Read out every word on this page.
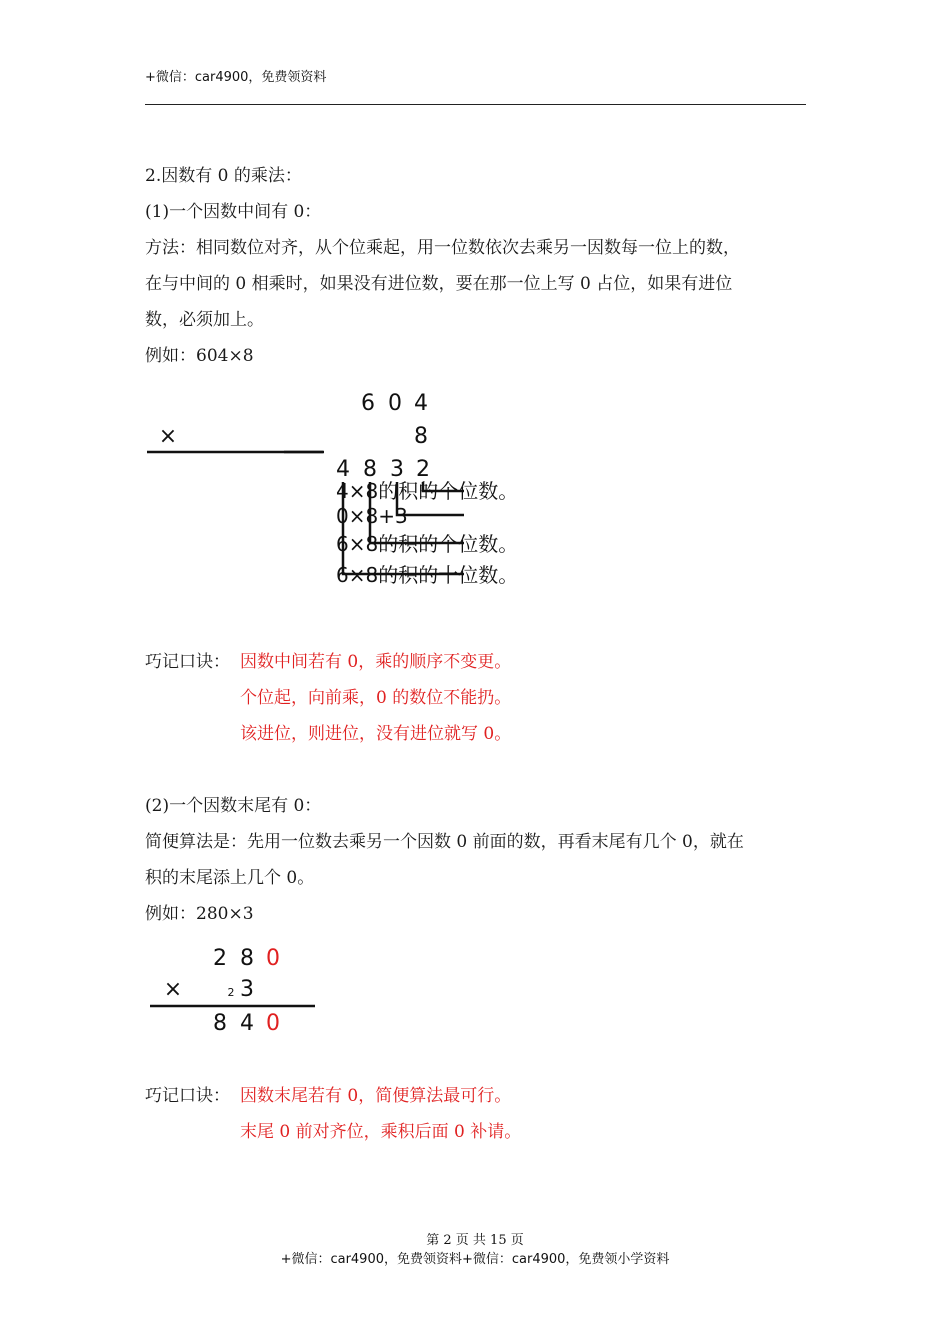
+微信：car4900，免费领资料
2.因数有 0 的乘法：
(1)一个因数中间有 0：
方法：相同数位对齐，从个位乘起，用一位数依次去乘另一因数每一位上的数，
在与中间的 0 相乘时，如果没有进位数，要在那一位上写 0 占位，如果有进位
数，必须加上。
例如：604×8
6 0 4
×	8
4 8 3 2
4×8的积的个位数。
0×8+3
6×8的积的个位数。
6×8的积的十位数。
巧记口诀： 因数中间若有 0，乘的顺序不变更。
个位起，向前乘，0 的数位不能扔。
该进位，则进位，没有进位就写 0。
(2)一个因数末尾有 0：
简便算法是：先用一位数去乘另一个因数 0 前面的数，再看末尾有几个 0，就在
积的末尾添上几个 0。
例如：280×3
2 8 0
×	3
8 4 0
2
巧记口诀： 因数末尾若有 0，简便算法最可行。
末尾 0 前对齐位，乘积后面 0 补请。
第 2 页 共 15 页
+微信：car4900，免费领资料+微信：car4900，免费领小学资料
